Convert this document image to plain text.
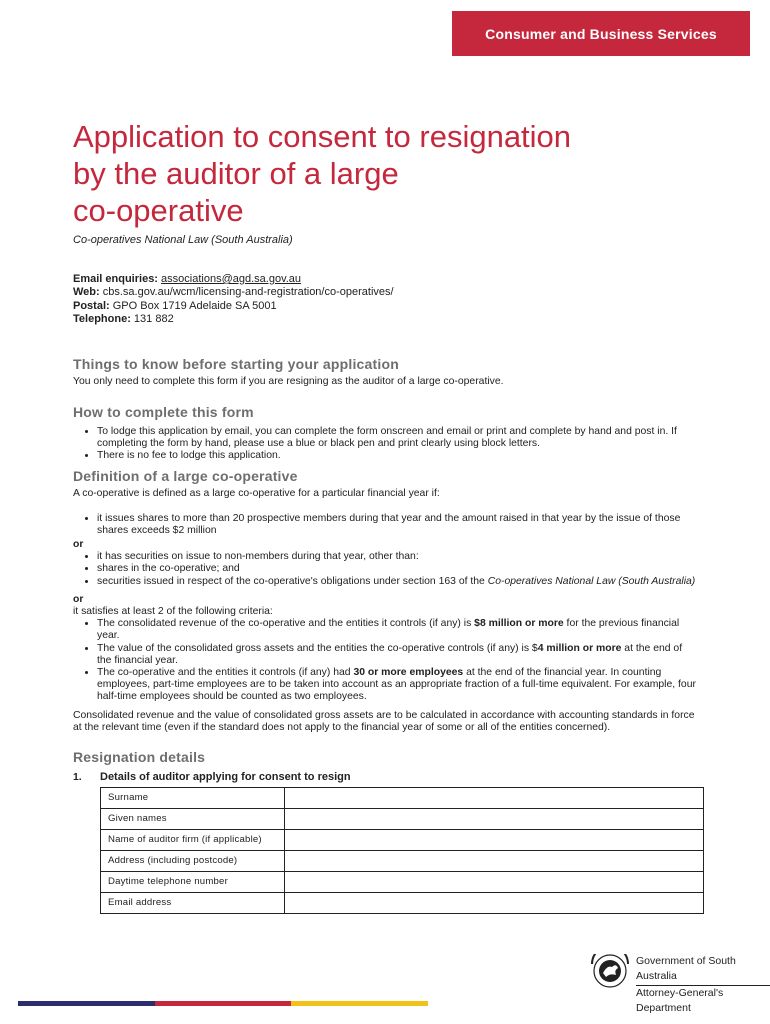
Consumer and Business Services
Application to consent to resignation
by the auditor of a large
co-operative
Co-operatives National Law (South Australia)
Email enquiries: associations@agd.sa.gov.au
Web: cbs.sa.gov.au/wcm/licensing-and-registration/co-operatives/
Postal: GPO Box 1719 Adelaide SA 5001
Telephone: 131 882
Things to know before starting your application

You only need to complete this form if you are resigning as the auditor of a large co-operative.

How to complete this form
• To lodge this application by email, you can complete the form onscreen and email or print and complete by hand and post in. If completing the form by hand, please use a blue or black pen and print clearly using block letters.
• There is no fee to lodge this application.
Definition of a large co-operative

A co-operative is defined as a large co-operative for a particular financial year if:

• it issues shares to more than 20 prospective members during that year and the amount raised in that year by the issue of those shares exceeds $2 million
or
• it has securities on issue to non-members during that year, other than:
• shares in the co-operative; and
• securities issued in respect of the co-operative's obligations under section 163 of the Co-operatives National Law (South Australia)
or

it satisfies at least 2 of the following criteria:

• The consolidated revenue of the co-operative and the entities it controls (if any) is $8 million or more for the previous financial year.
• The value of the consolidated gross assets and the entities the co-operative controls (if any) is $4 million or more at the end of the financial year.
• The co-operative and the entities it controls (if any) had 30 or more employees at the end of the financial year. In counting employees, part-time employees are to be taken into account as an appropriate fraction of a full-time equivalent. For example, four half-time employees should be counted as two employees.

Consolidated revenue and the value of consolidated gross assets are to be calculated in accordance with accounting standards in force at the relevant time (even if the standard does not apply to the financial year of some or all of the entities concerned).

Resignation details
1. Details of auditor applying for consent to resign
Surname	
Given names	
Name of auditor firm (if applicable)	
Address (including postcode)	
Daytime telephone number	
Email address	
Government of South Australia
Attorney-General's Department
